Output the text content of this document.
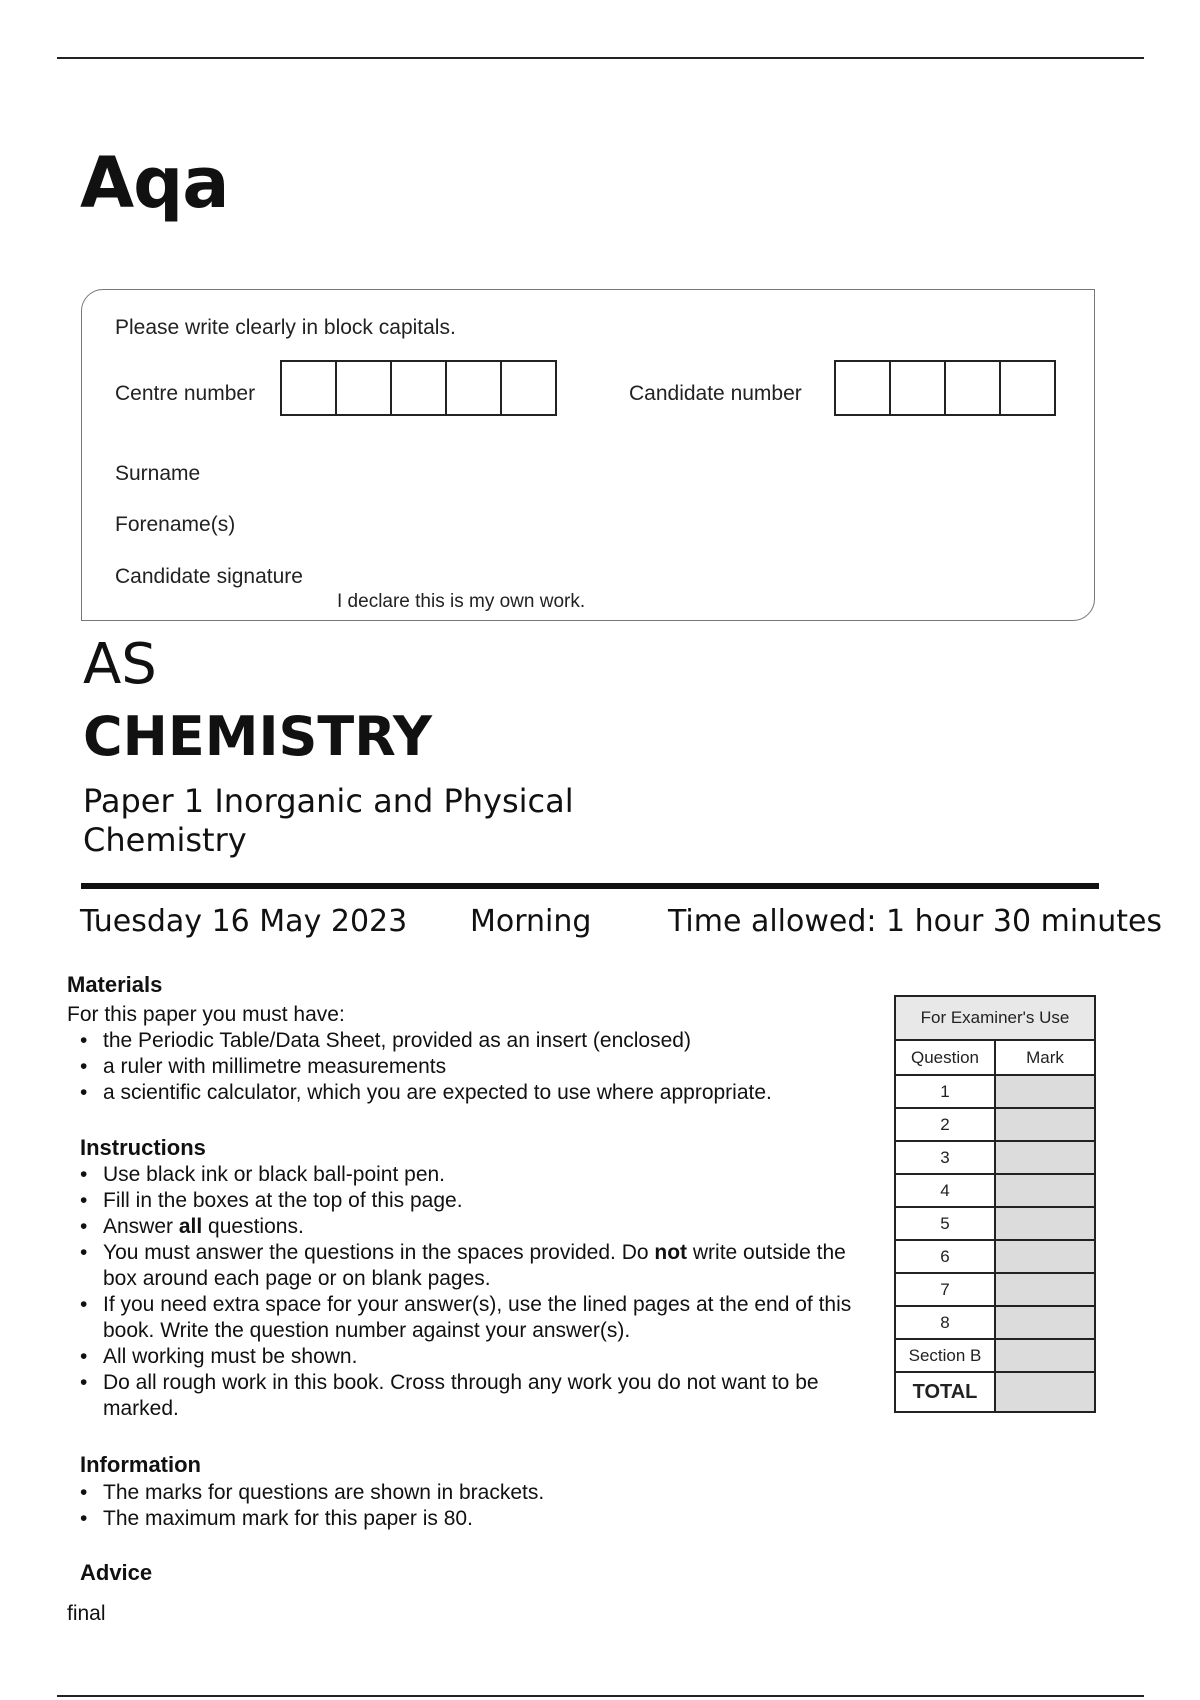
Aqa
Please write clearly in block capitals.
Centre number	Candidate number
Surname
Forename(s)
Candidate signature
I declare this is my own work.
AS
CHEMISTRY
Paper 1 Inorganic and Physical Chemistry
Tuesday 16 May 2023 Morning	Time allowed: 1 hour 30 minutes
Materials
For this paper you must have:
• the Periodic Table/Data Sheet, provided as an insert (enclosed)
• a ruler with millimetre measurements
• a scientific calculator, which you are expected to use where appropriate.
Instructions
• Use black ink or black ball-point pen.
• Fill in the boxes at the top of this page.
• Answer all questions.
• You must answer the questions in the spaces provided. Do not write outside the box around each page or on blank pages.
• If you need extra space for your answer(s), use the lined pages at the end of this book. Write the question number against your answer(s).
• All working must be shown.
• Do all rough work in this book. Cross through any work you do not want to be marked.
Information
• The marks for questions are shown in brackets.
• The maximum mark for this paper is 80.
Advice
final
For Examiner's Use	
Question	Mark
1	
2	
3	
4	
5	
6	
7	
8	
Section B	
TOTAL	
